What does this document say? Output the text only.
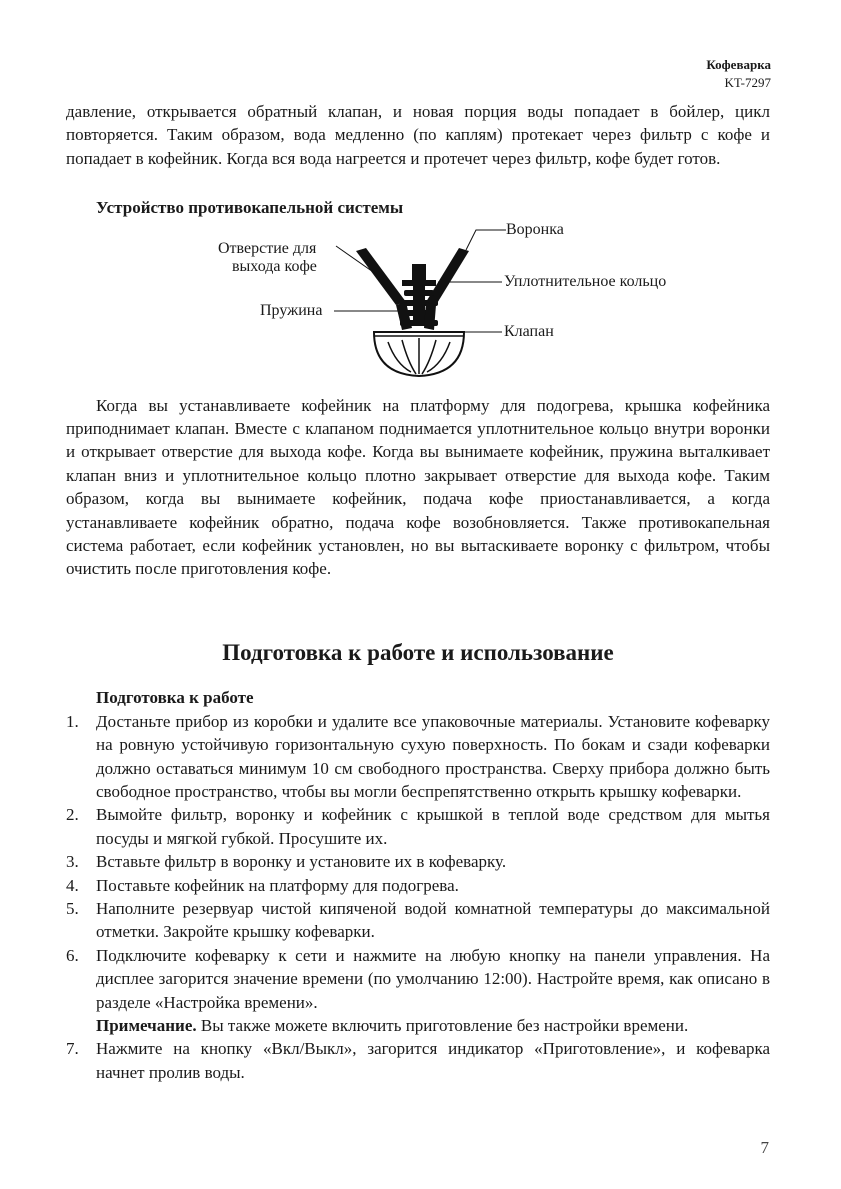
Кофеварка
KT-7297

давление, открывается обратный клапан, и новая порция воды попадает в бойлер, цикл повторяется. Таким образом, вода медленно (по каплям) протекает через фильтр с кофе и попадает в кофейник. Когда вся вода нагреется и протечет через фильтр, кофе будет готов.

Устройство противокапельной системы

Отверстие для
выхода кофе
Пружина
Воронка
Уплотнительное кольцо
Клапан

Когда вы устанавливаете кофейник на платформу для подогрева, крышка кофейника приподнимает клапан. Вместе с клапаном поднимается уплотнительное кольцо внутри воронки и открывает отверстие для выхода кофе. Когда вы вынимаете кофейник, пружина выталкивает клапан вниз и уплотнительное кольцо плотно закрывает отверстие для выхода кофе. Таким образом, когда вы вынимаете кофейник, подача кофе приостанавливается, а когда устанавливаете кофейник обратно, подача кофе возобновляется. Также противокапельная система работает, если кофейник установлен, но вы вытаскиваете воронку с фильтром, чтобы очистить после приготовления кофе.

Подготовка к работе и использование

Подготовка к работе

1. Достаньте прибор из коробки и удалите все упаковочные материалы. Установите кофеварку на ровную устойчивую горизонтальную сухую поверхность. По бокам и сзади кофеварки должно оставаться минимум 10 см свободного пространства. Сверху прибора должно быть свободное пространство, чтобы вы могли беспрепятственно открыть крышку кофеварки.
2. Вымойте фильтр, воронку и кофейник с крышкой в теплой воде средством для мытья посуды и мягкой губкой. Просушите их.
3. Вставьте фильтр в воронку и установите их в кофеварку.
4. Поставьте кофейник на платформу для подогрева.
5. Наполните резервуар чистой кипяченой водой комнатной температуры до максимальной отметки. Закройте крышку кофеварки.
6. Подключите кофеварку к сети и нажмите на любую кнопку на панели управления. На дисплее загорится значение времени (по умолчанию 12:00). Настройте время, как описано в разделе «Настройка времени».

Примечание. Вы также можете включить приготовление без настройки времени.

7. Нажмите на кнопку «Вкл/Выкл», загорится индикатор «Приготовление», и кофеварка начнет пролив воды.
7
